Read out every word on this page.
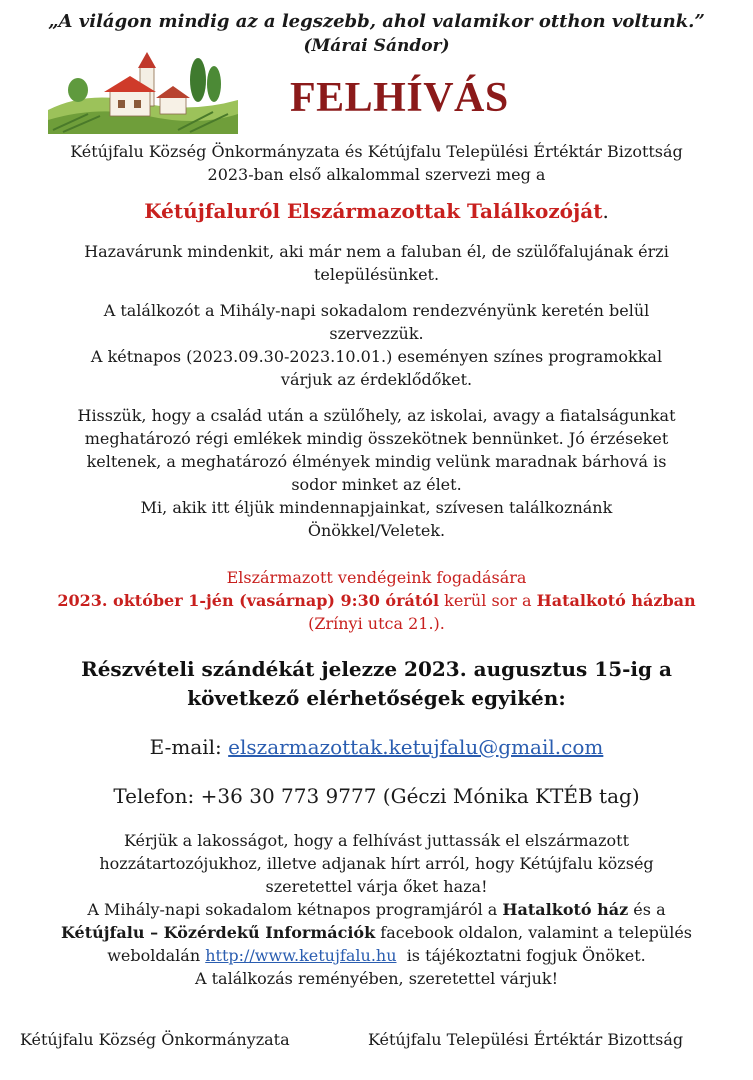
„A világon mindig az a legszebb, ahol valamikor otthon voltunk.”
(Márai Sándor)
FELHÍVÁS
Kétújfalu Község Önkormányzata és Kétújfalu Települési Értéktár Bizottság
2023-ban első alkalommal szervezi meg a
Kétújfaluról Elszármazottak Találkozóját.
Hazavárunk mindenkit, aki már nem a faluban él, de szülőfalujának érzi
településünket.
A találkozót a Mihály-napi sokadalom rendezvényünk keretén belül
szervezzük.
A kétnapos (2023.09.30-2023.10.01.) eseményen színes programokkal
várjuk az érdeklődőket.
Hisszük, hogy a család után a szülőhely, az iskolai, avagy a fiatalságunkat
meghatározó régi emlékek mindig összekötnek bennünket. Jó érzéseket
keltenek, a meghatározó élmények mindig velünk maradnak bárhová is
sodor minket az élet.
Mi, akik itt éljük mindennapjainkat, szívesen találkoznánk
Önökkel/Veletek.
Elszármazott vendégeink fogadására
2023. október 1-jén (vasárnap) 9:30 órától kerül sor a Hatalkotó házban
(Zrínyi utca 21.).
Részvételi szándékát jelezze 2023. augusztus 15-ig a
következő elérhetőségek egyikén:
E-mail: elszarmazottak.ketujfalu@gmail.com
Telefon: +36 30 773 9777 (Géczi Mónika KTÉB tag)
Kérjük a lakosságot, hogy a felhívást juttassák el elszármazott
hozzátartozójukhoz, illetve adjanak hírt arról, hogy Kétújfalu község
szeretettel várja őket haza!
A Mihály-napi sokadalom kétnapos programjáról a Hatalkotó ház és a
Kétújfalu – Közérdekű Információk facebook oldalon, valamint a település
weboldalán http://www.ketujfalu.hu  is tájékoztatni fogjuk Önöket.
A találkozás reményében, szeretettel várjuk!
Kétújfalu Község Önkormányzata	Kétújfalu Települési Értéktár Bizottság
